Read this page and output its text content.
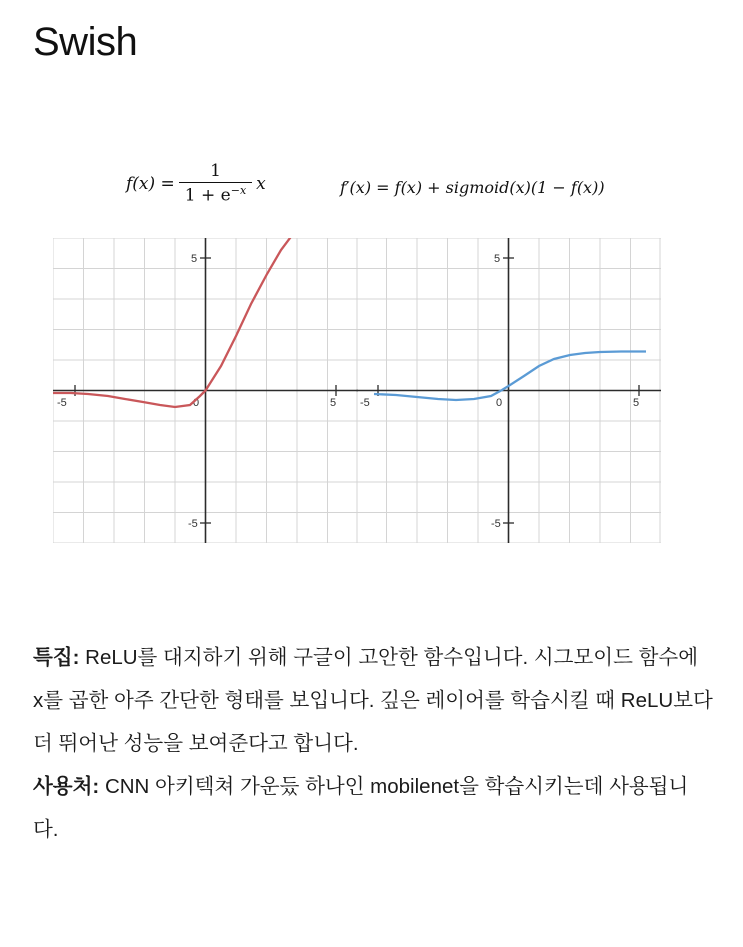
Swish
$f(x) = \frac{1}{1 + e^{-x}}$ x	f′(x) = f(x) + sigmoid(x)(1 − f(x))
-5	0	5
5
-5
-5	0	5
5
-5

특집: ReLU를 대지하기 위해 구글이 고안한 함수입니다. 시그모이드 함수에 x를 곱한 아주 간단한 형태를 보입니다. 깊은 레이어를 학습시킬 때 ReLU보다 더 뛰어난 성능을 보여준다고 합니다.

사용처: CNN 아키텍쳐 가운듰 하나인 mobilenet을 학습시키는데 사용됩니다.
